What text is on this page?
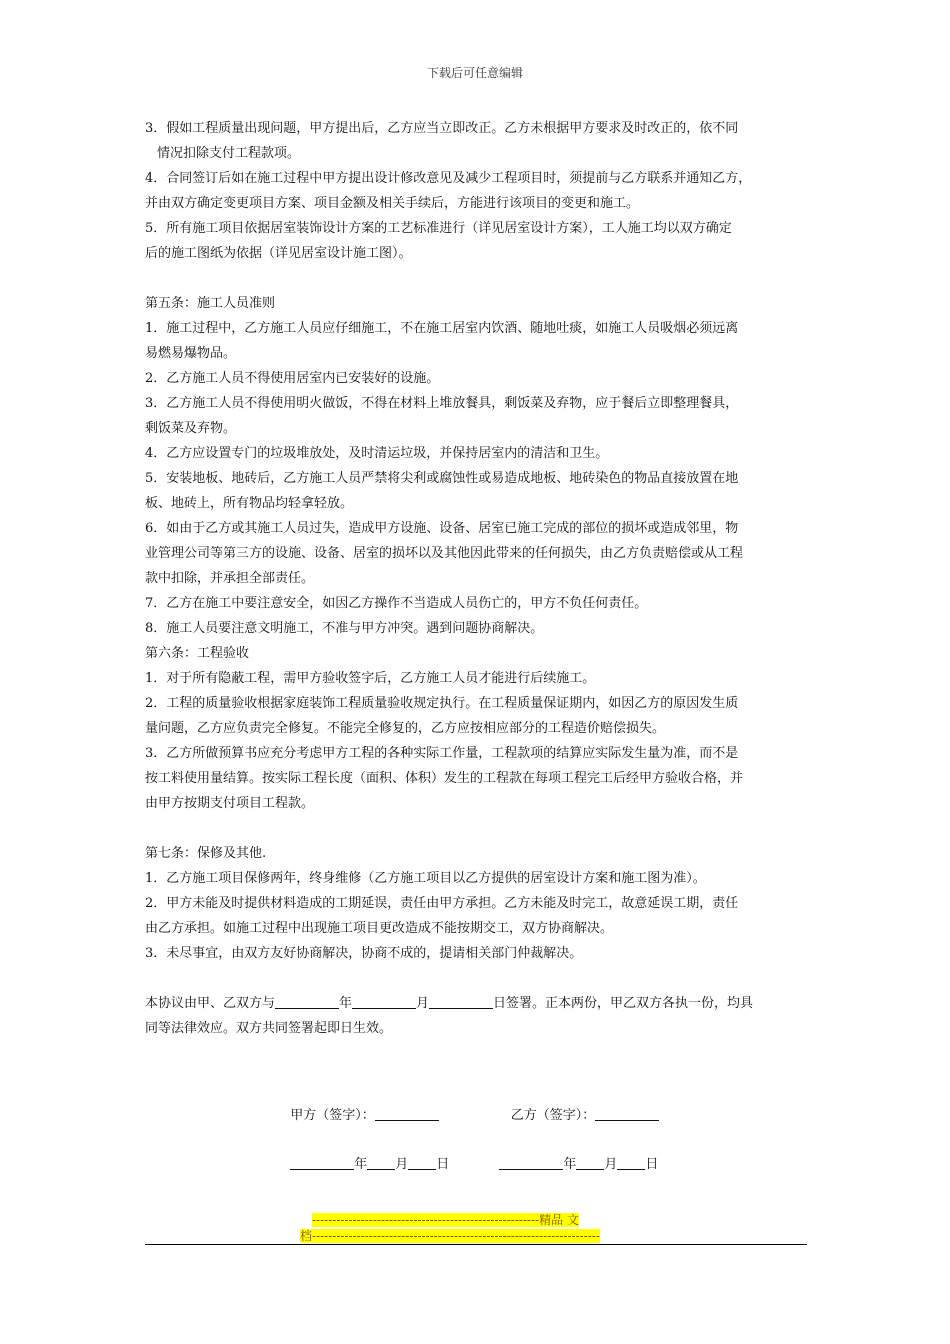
下载后可任意编辑

3．假如工程质量出现问题，甲方提出后，乙方应当立即改正。乙方未根据甲方要求及时改正的，依不同

情况扣除支付工程款项。

4．合同签订后如在施工过程中甲方提出设计修改意见及减少工程项目时，须提前与乙方联系并通知乙方，

并由双方确定变更项目方案、项目金额及相关手续后，方能进行该项目的变更和施工。

5．所有施工项目依据居室装饰设计方案的工艺标准进行（详见居室设计方案），工人施工均以双方确定

后的施工图纸为依据（详见居室设计施工图）。

第五条：施工人员准则

1．施工过程中，乙方施工人员应仔细施工，不在施工居室内饮酒、随地吐痰，如施工人员吸烟必须远离

易燃易爆物品。

2．乙方施工人员不得使用居室内已安装好的设施。

3．乙方施工人员不得使用明火做饭，不得在材料上堆放餐具，剩饭菜及弃物，应于餐后立即整理餐具，

剩饭菜及弃物。

4．乙方应设置专门的垃圾堆放处，及时清运垃圾，并保持居室内的清洁和卫生。

5．安装地板、地砖后，乙方施工人员严禁将尖利或腐蚀性或易造成地板、地砖染色的物品直接放置在地

板、地砖上，所有物品均轻拿轻放。

6．如由于乙方或其施工人员过失，造成甲方设施、设备、居室已施工完成的部位的损坏或造成邻里，物

业管理公司等第三方的设施、设备、居室的损坏以及其他因此带来的任何损失，由乙方负责赔偿或从工程

款中扣除，并承担全部责任。

7．乙方在施工中要注意安全，如因乙方操作不当造成人员伤亡的，甲方不负任何责任。

8．施工人员要注意文明施工，不准与甲方冲突。遇到问题协商解决。

第六条：工程验收

1．对于所有隐蔽工程，需甲方验收签字后，乙方施工人员才能进行后续施工。

2．工程的质量验收根据家庭装饰工程质量验收规定执行。在工程质量保证期内，如因乙方的原因发生质

量问题，乙方应负责完全修复。不能完全修复的，乙方应按相应部分的工程造价赔偿损失。

3．乙方所做预算书应充分考虑甲方工程的各种实际工作量，工程款项的结算应实际发生量为准，而不是

按工料使用量结算。按实际工程长度（面积、体积）发生的工程款在每项工程完工后经甲方验收合格，并

由甲方按期支付项目工程款。

第七条：保修及其他.

1．乙方施工项目保修两年，终身维修（乙方施工项目以乙方提供的居室设计方案和施工图为准）。

2．甲方未能及时提供材料造成的工期延误，责任由甲方承担。乙方未能及时完工，故意延误工期，责任

由乙方承担。如施工过程中出现施工项目更改造成不能按期交工，双方协商解决。

3．未尽事宜，由双方友好协商解决，协商不成的，提请相关部门仲裁解决。

本协议由甲、乙双方与	年	月	日签署。正本两份，甲乙双方各执一份，均具

同等法律效应。双方共同签署起即日生效。

甲方（签字）：	乙方（签字）：

年 月 日	年 月 日

--------------------------------------------------------精品 文
档-----------------------------------------------------------------------
